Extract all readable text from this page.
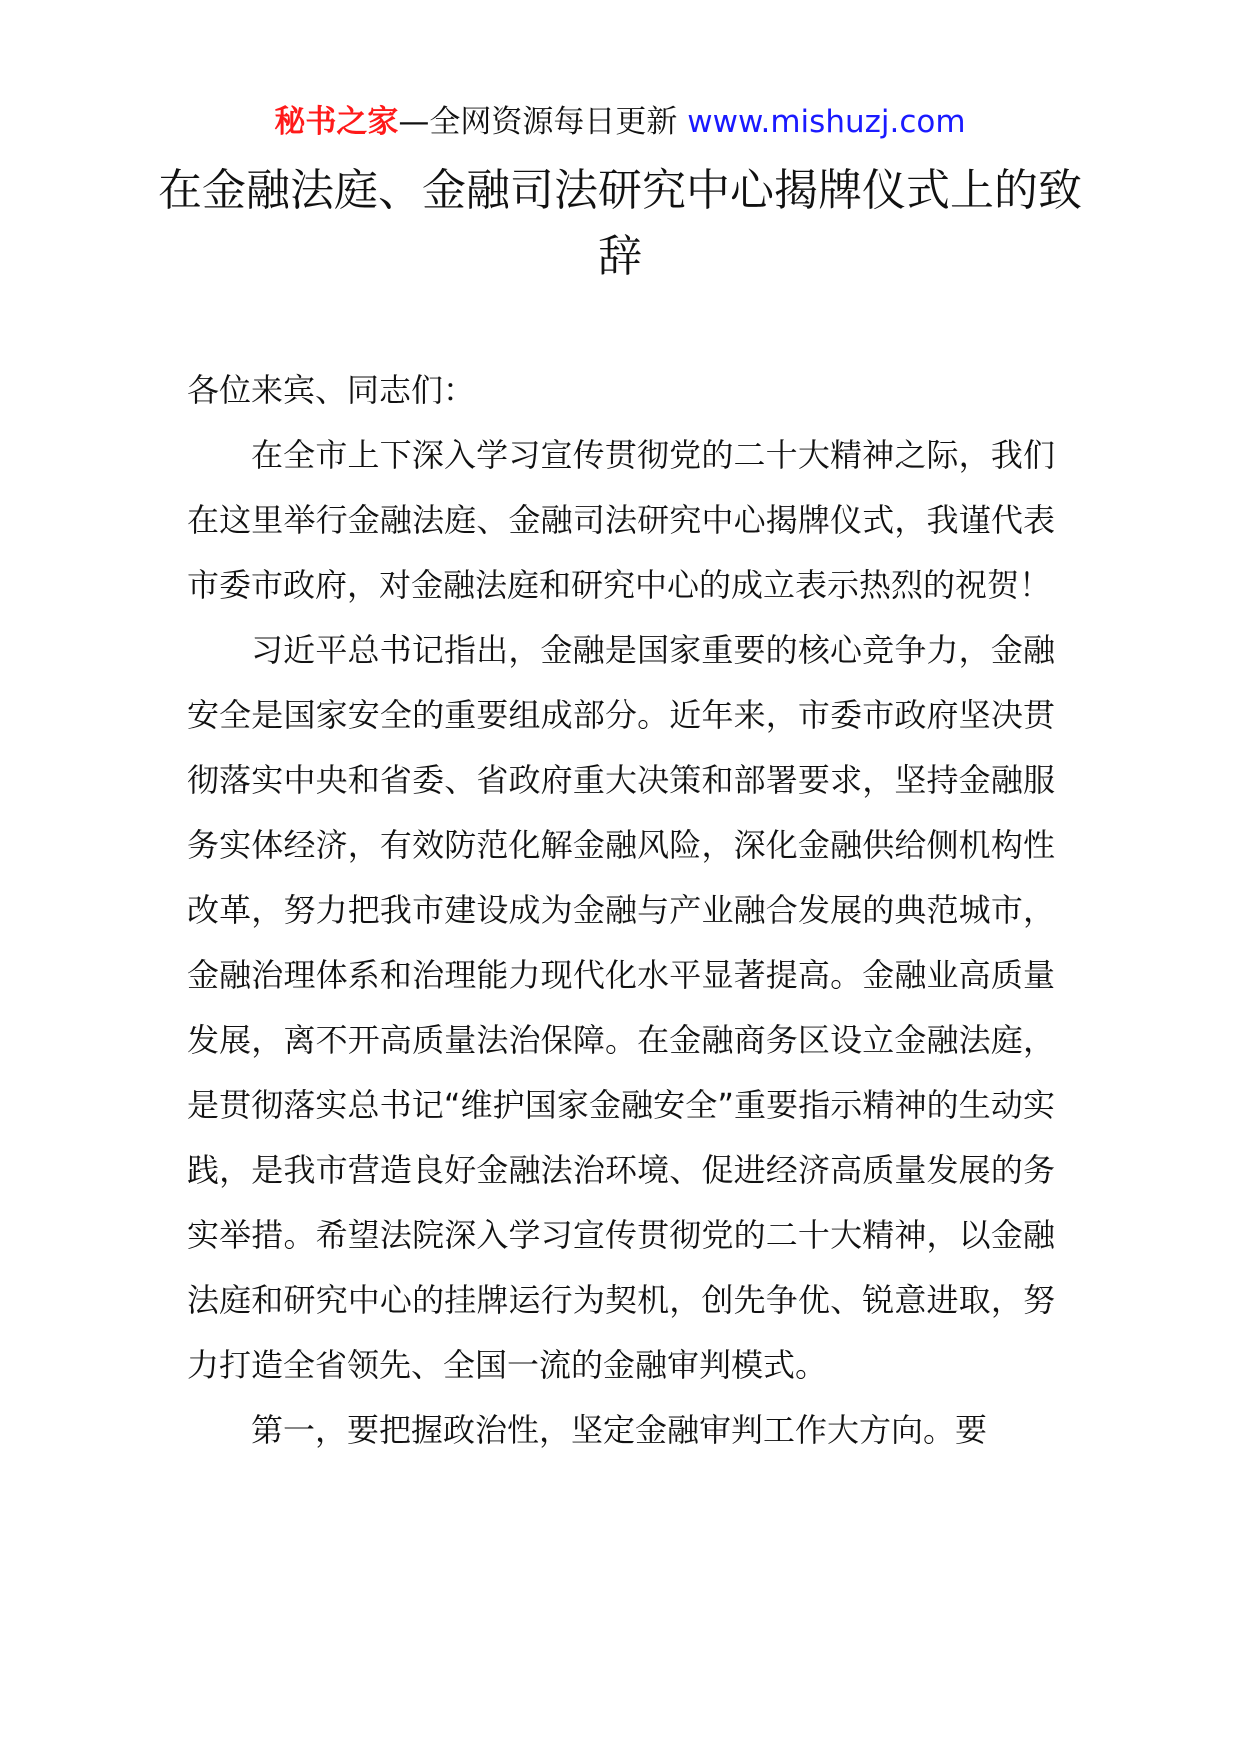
秘书之家—全网资源每日更新 www.mishuzj.com
在金融法庭、金融司法研究中心揭牌仪式上的致辞

各位来宾、同志们：

在全市上下深入学习宣传贯彻党的二十大精神之际，我们在这里举行金融法庭、金融司法研究中心揭牌仪式，我谨代表市委市政府，对金融法庭和研究中心的成立表示热烈的祝贺！

习近平总书记指出，金融是国家重要的核心竞争力，金融安全是国家安全的重要组成部分。近年来，市委市政府坚决贯彻落实中央和省委、省政府重大决策和部署要求，坚持金融服务实体经济，有效防范化解金融风险，深化金融供给侧机构性改革，努力把我市建设成为金融与产业融合发展的典范城市，金融治理体系和治理能力现代化水平显著提高。金融业高质量发展，离不开高质量法治保障。在金融商务区设立金融法庭，是贯彻落实总书记“维护国家金融安全”重要指示精神的生动实践，是我市营造良好金融法治环境、促进经济高质量发展的务实举措。希望法院深入学习宣传贯彻党的二十大精神，以金融法庭和研究中心的挂牌运行为契机，创先争优、锐意进取，努力打造全省领先、全国一流的金融审判模式。

第一，要把握政治性，坚定金融审判工作大方向。要
